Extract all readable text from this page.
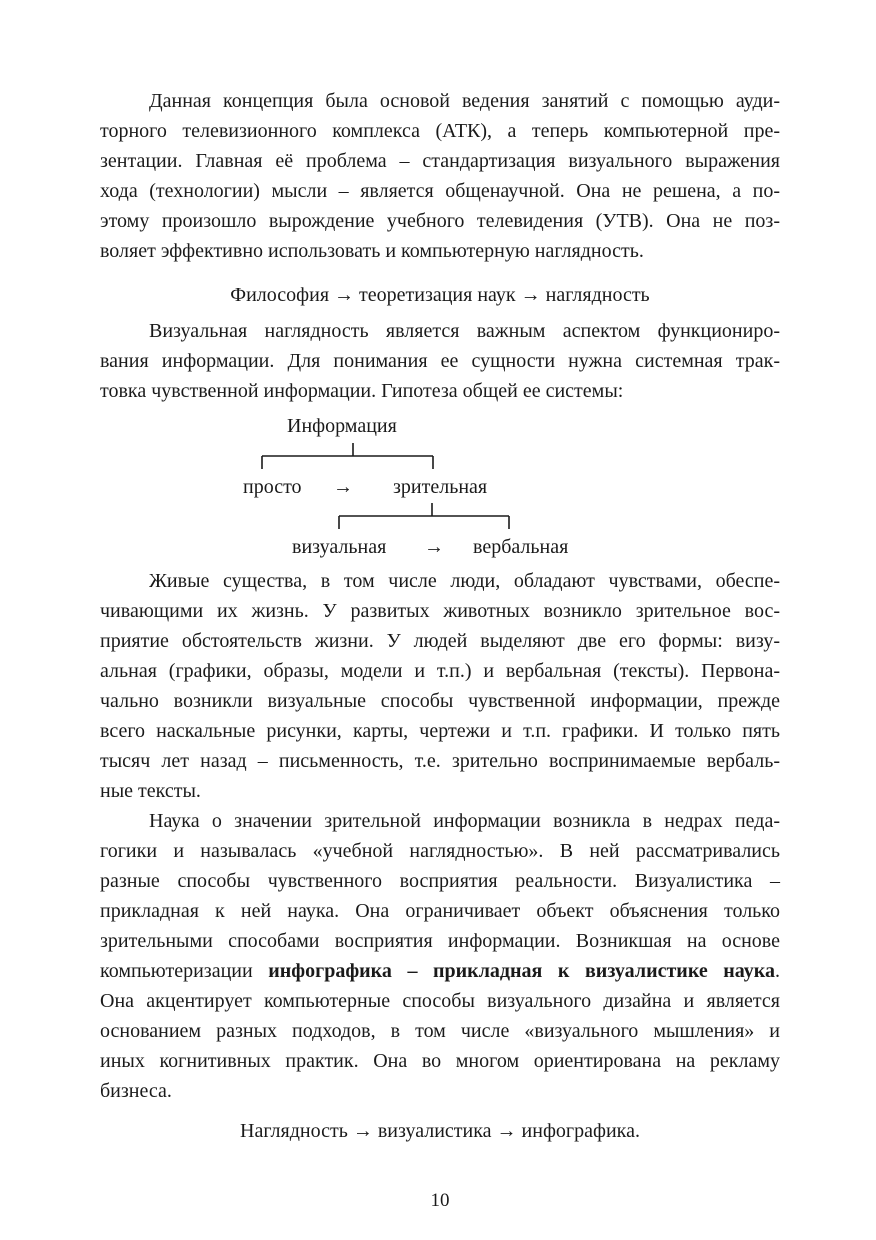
Данная концепция была основой ведения занятий с помощью ауди-
торного телевизионного комплекса (АТК), а теперь компьютерной пре-
зентации. Главная её проблема – стандартизация визуального выражения
хода (технологии) мысли – является общенаучной. Она не решена, а по-
этому произошло вырождение учебного телевидения (УТВ). Она не поз-
воляет эффективно использовать и компьютерную наглядность.
Философия → теоретизация наук → наглядность
Визуальная наглядность является важным аспектом функциониро-
вания информации. Для понимания ее сущности нужна системная трак-
товка чувственной информации. Гипотеза общей ее системы:
Информация
просто → зрительная
визуальная → вербальная
Живые существа, в том числе люди, обладают чувствами, обеспе-
чивающими их жизнь. У развитых животных возникло зрительное вос-
приятие обстоятельств жизни. У людей выделяют две его формы: визу-
альная (графики, образы, модели и т.п.) и вербальная (тексты). Первона-
чально возникли визуальные способы чувственной информации, прежде
всего наскальные рисунки, карты, чертежи и т.п. графики. И только пять
тысяч лет назад – письменность, т.е. зрительно воспринимаемые вербаль-
ные тексты.
Наука о значении зрительной информации возникла в недрах педа-
гогики и называлась «учебной наглядностью». В ней рассматривались
разные способы чувственного восприятия реальности. Визуалистика –
прикладная к ней наука. Она ограничивает объект объяснения только
зрительными способами восприятия информации. Возникшая на основе
компьютеризации инфографика – прикладная к визуалистике наука.
Она акцентирует компьютерные способы визуального дизайна и является
основанием разных подходов, в том числе «визуального мышления» и
иных когнитивных практик. Она во многом ориентирована на рекламу
бизнеса.
Наглядность → визуалистика → инфографика.
10
